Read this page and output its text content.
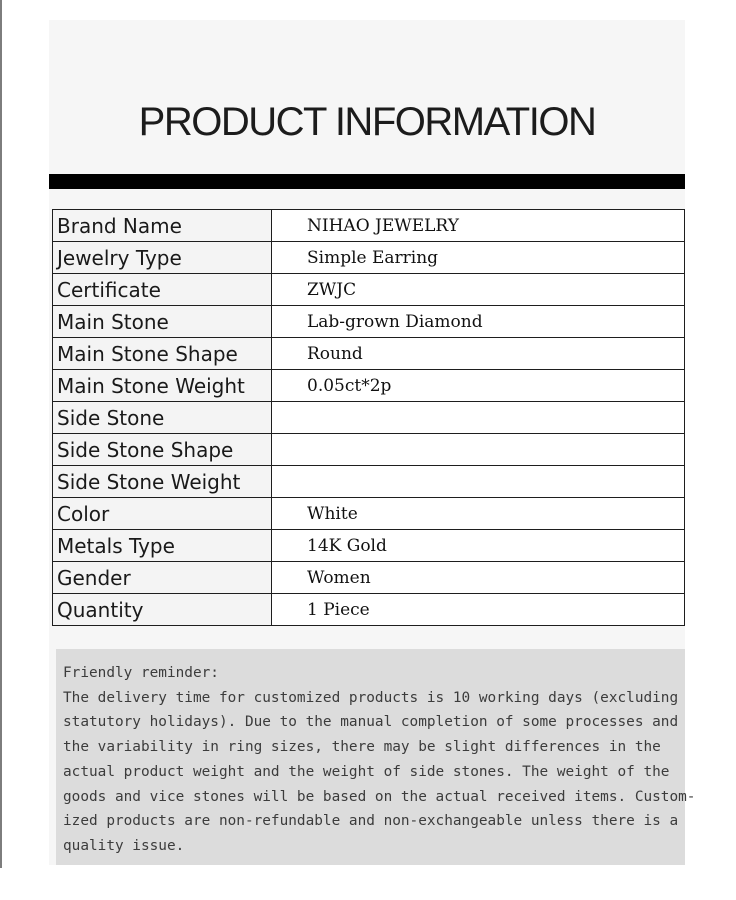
PRODUCT INFORMATION
Brand Name	NIHAO JEWELRY
Jewelry Type	Simple Earring
Certificate	ZWJC
Main Stone	Lab-grown Diamond
Main Stone Shape	Round
Main Stone Weight	0.05ct*2p
Side Stone	
Side Stone Shape	
Side Stone Weight	
Color	White
Metals Type	14K Gold
Gender	Women
Quantity	1 Piece

Friendly reminder:

The delivery time for customized products is 10 working days (excluding
statutory holidays). Due to the manual completion of some processes and
the variability in ring sizes, there may be slight differences in the
actual product weight and the weight of side stones. The weight of the
goods and vice stones will be based on the actual received items. Custom-
ized products are non-refundable and non-exchangeable unless there is a
quality issue.
